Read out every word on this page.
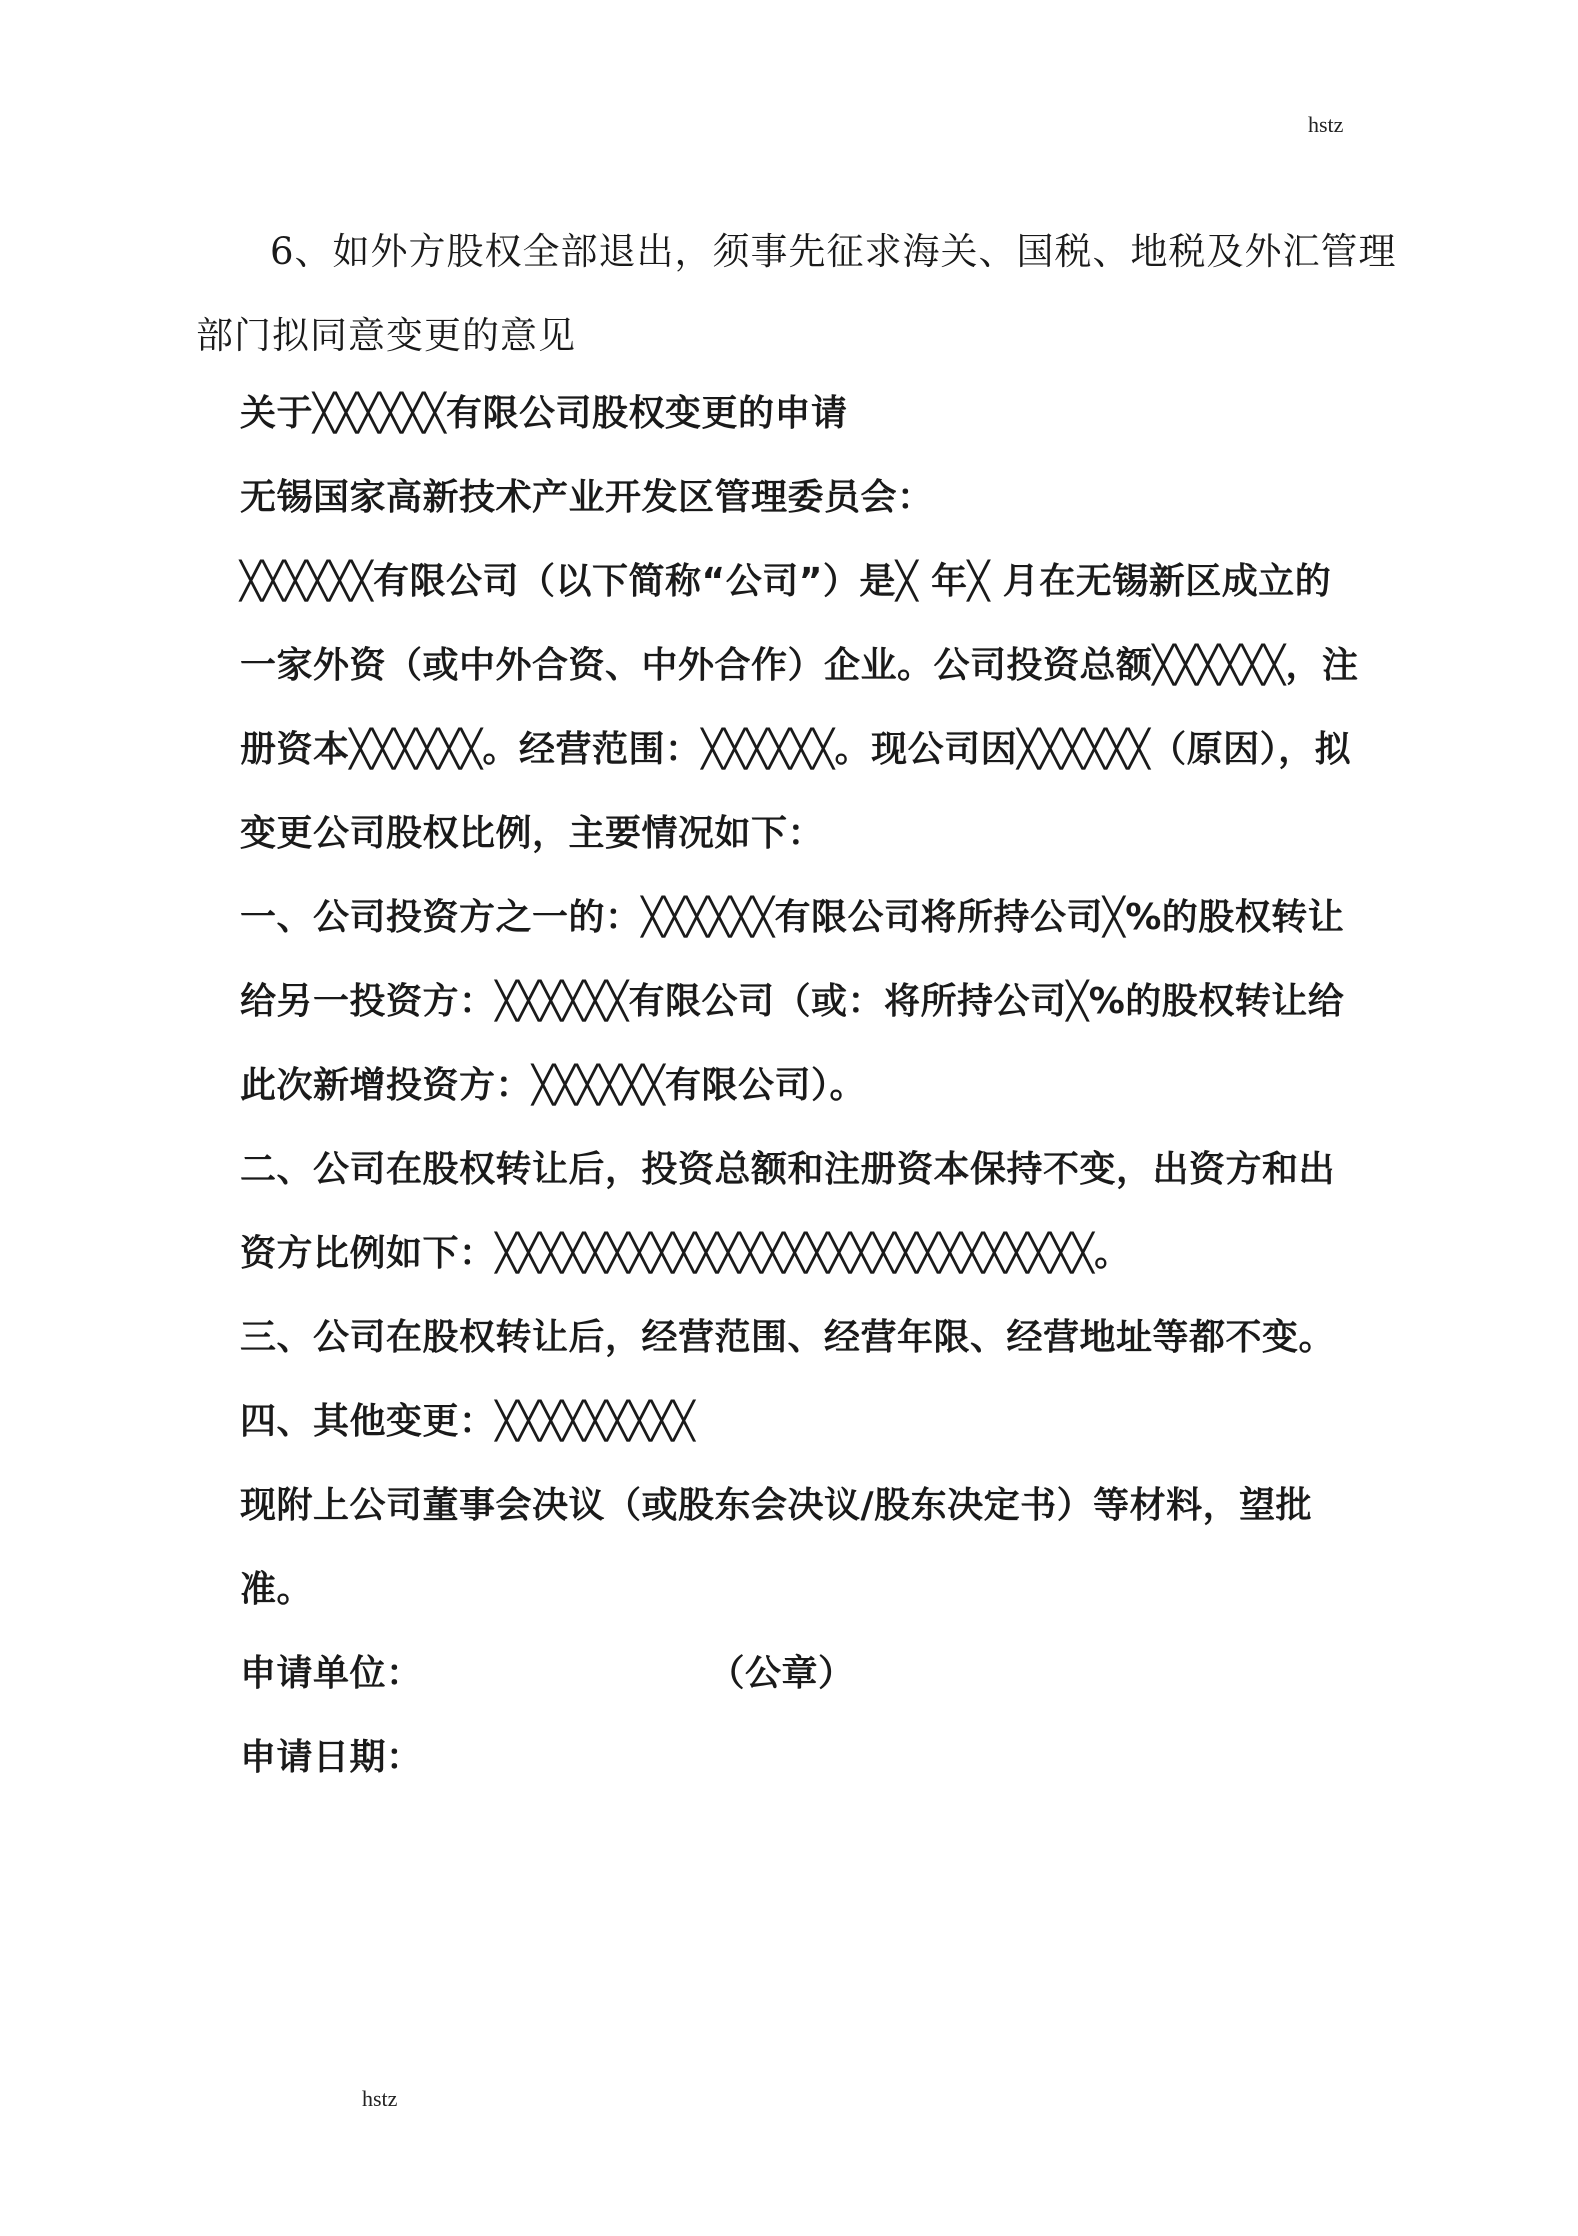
hstz

6、如外方股权全部退出，须事先征求海关、国税、地税及外汇管理部门拟同意变更的意见

关于╳╳╳╳╳╳有限公司股权变更的申请

无锡国家高新技术产业开发区管理委员会：

╳╳╳╳╳╳有限公司（以下简称“公司”）是╳ 年╳ 月在无锡新区成立的一家外资（或中外合资、中外合作）企业。公司投资总额╳╳╳╳╳╳，注册资本╳╳╳╳╳╳。经营范围：╳╳╳╳╳╳。现公司因╳╳╳╳╳╳（原因），拟变更公司股权比例，主要情况如下：

一、公司投资方之一的：╳╳╳╳╳╳有限公司将所持公司╳%的股权转让给另一投资方：╳╳╳╳╳╳有限公司（或：将所持公司╳%的股权转让给此次新增投资方：╳╳╳╳╳╳有限公司）。

二、公司在股权转让后，投资总额和注册资本保持不变，出资方和出资方比例如下：╳╳╳╳╳╳╳╳╳╳╳╳╳╳╳╳╳╳╳╳╳╳╳╳╳╳╳。

三、公司在股权转让后，经营范围、经营年限、经营地址等都不变。

四、其他变更：╳╳╳╳╳╳╳╳╳

现附上公司董事会决议（或股东会决议/股东决定书）等材料，望批准。

申请单位：	（公章）

申请日期：

hstz
